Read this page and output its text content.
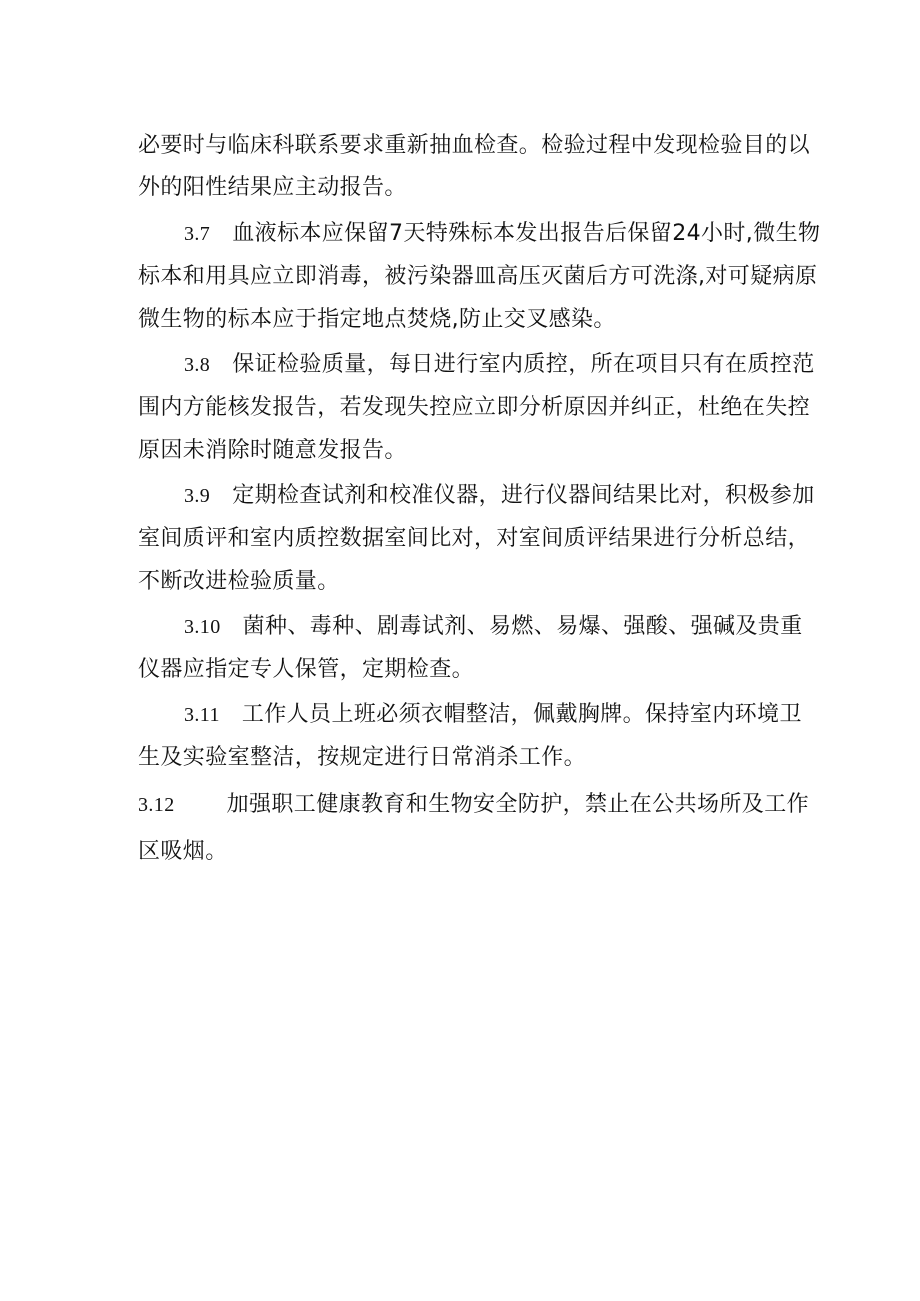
必要时与临床科联系要求重新抽血检查。检验过程中发现检验目的以
外的阳性结果应主动报告。
3.7 血液标本应保留7天特殊标本发出报告后保留24小时,微生物
标本和用具应立即消毒，被污染器皿高压灭菌后方可洗涤,对可疑病原
微生物的标本应于指定地点焚烧,防止交叉感染。
3.8 保证检验质量，每日进行室内质控，所在项目只有在质控范
围内方能核发报告，若发现失控应立即分析原因并纠正，杜绝在失控
原因未消除时随意发报告。
3.9 定期检查试剂和校准仪器，进行仪器间结果比对，积极参加
室间质评和室内质控数据室间比对，对室间质评结果进行分析总结，
不断改进检验质量。
3.10 菌种、毒种、剧毒试剂、易燃、易爆、强酸、强碱及贵重
仪器应指定专人保管，定期检查。
3.11 工作人员上班必须衣帽整洁，佩戴胸牌。保持室内环境卫
生及实验室整洁，按规定进行日常消杀工作。
3.12 加强职工健康教育和生物安全防护，禁止在公共场所及工作
区吸烟。
